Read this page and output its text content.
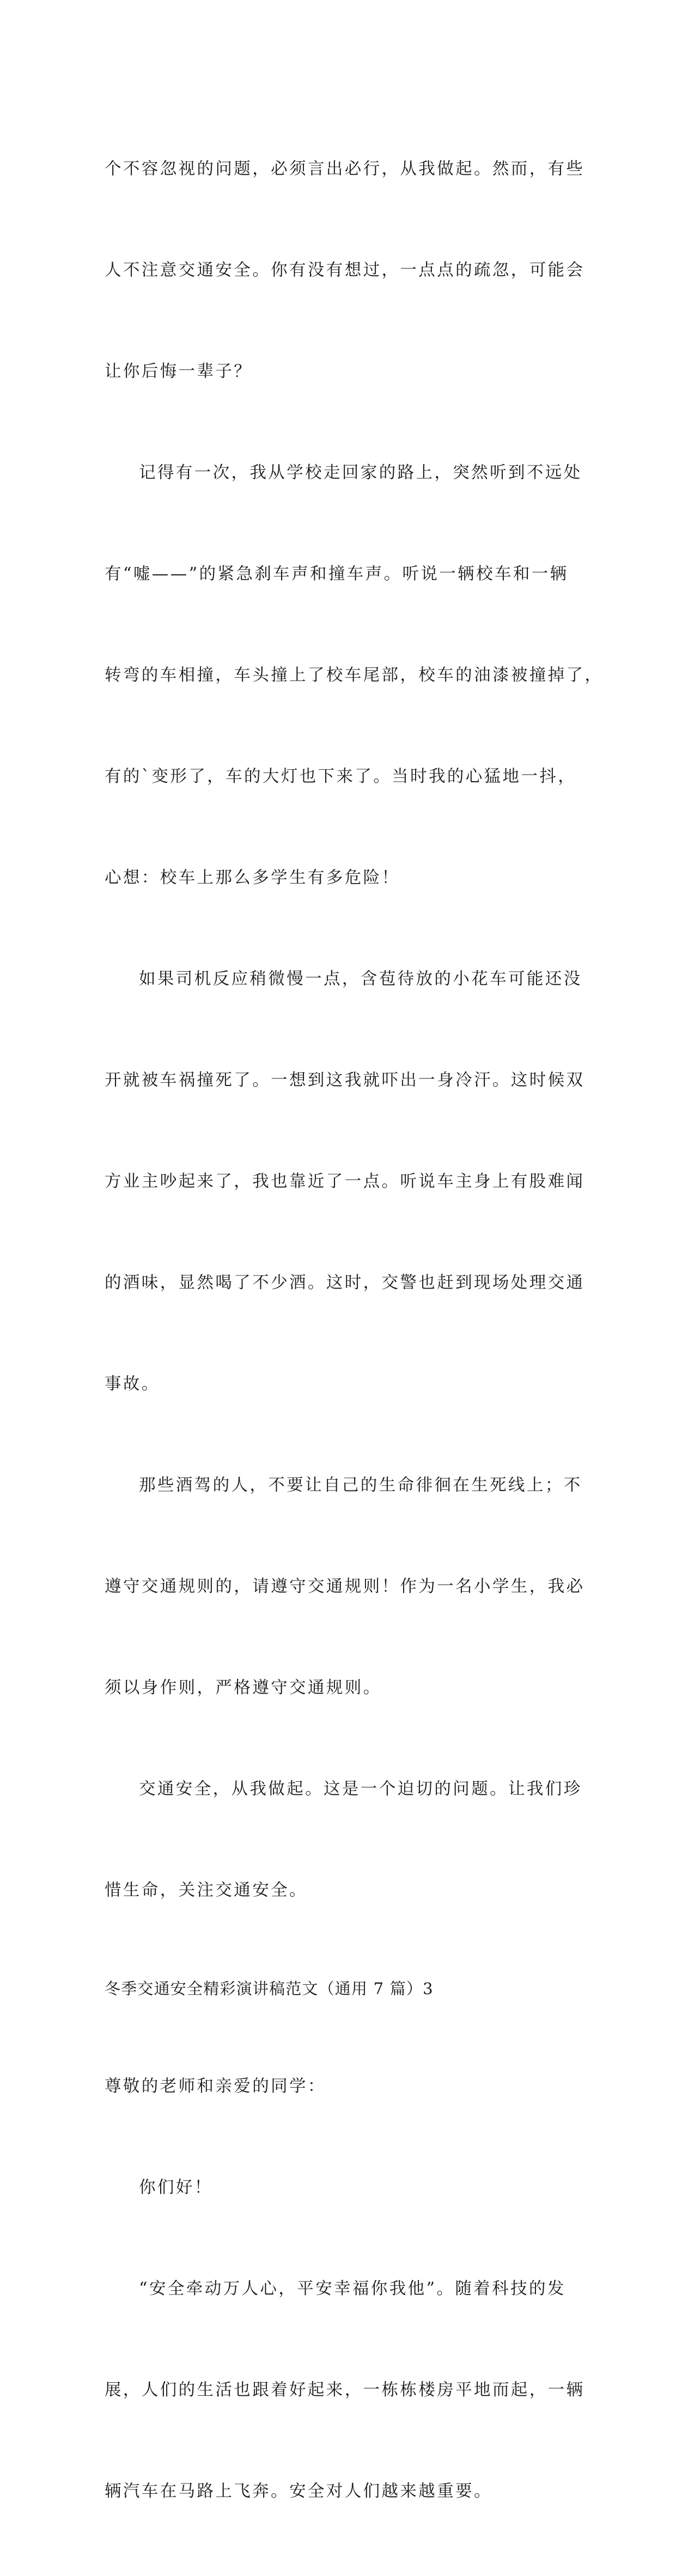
个不容忽视的问题，必须言出必行，从我做起。然而，有些

人不注意交通安全。你有没有想过，一点点的疏忽，可能会

让你后悔一辈子？

记得有一次，我从学校走回家的路上，突然听到不远处

有“嘘——”的紧急刹车声和撞车声。听说一辆校车和一辆

转弯的车相撞，车头撞上了校车尾部，校车的油漆被撞掉了，

有的`变形了，车的大灯也下来了。当时我的心猛地一抖，

心想：校车上那么多学生有多危险！

如果司机反应稍微慢一点，含苞待放的小花车可能还没

开就被车祸撞死了。一想到这我就吓出一身冷汗。这时候双

方业主吵起来了，我也靠近了一点。听说车主身上有股难闻

的酒味，显然喝了不少酒。这时，交警也赶到现场处理交通

事故。

那些酒驾的人，不要让自己的生命徘徊在生死线上；不

遵守交通规则的，请遵守交通规则！作为一名小学生，我必

须以身作则，严格遵守交通规则。

交通安全，从我做起。这是一个迫切的问题。让我们珍

惜生命，关注交通安全。

冬季交通安全精彩演讲稿范文（通用 7 篇）3

尊敬的老师和亲爱的同学：

你们好！

“安全牵动万人心，平安幸福你我他”。随着科技的发

展，人们的生活也跟着好起来，一栋栋楼房平地而起，一辆

辆汽车在马路上飞奔。安全对人们越来越重要。
